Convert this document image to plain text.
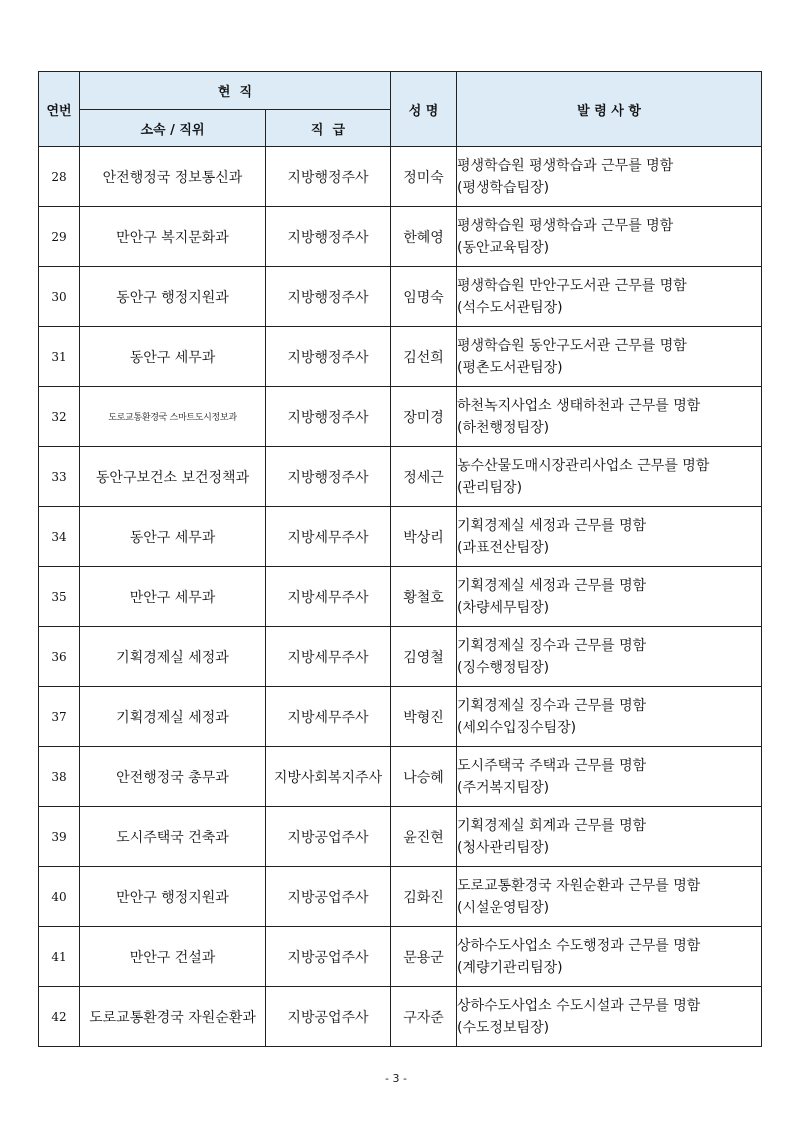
연번	현  직		성 명	발 령 사 항
	소속 / 직위	직  급		
28	안전행정국 정보통신과	지방행정주사	정미숙	평생학습원 평생학습과 근무를 명함
(평생학습팀장)

29	만안구 복지문화과	지방행정주사	한혜영	평생학습원 평생학습과 근무를 명함
(동안교육팀장)

30	동안구 행정지원과	지방행정주사	임명숙	평생학습원 만안구도서관 근무를 명함
(석수도서관팀장)

31	동안구 세무과	지방행정주사	김선희	평생학습원 동안구도서관 근무를 명함
(평촌도서관팀장)

32	도로교통환경국 스마트도시정보과	지방행정주사	장미경	하천녹지사업소 생태하천과 근무를 명함
(하천행정팀장)

33	동안구보건소 보건정책과	지방행정주사	정세근	농수산물도매시장관리사업소 근무를 명함
(관리팀장)

34	동안구 세무과	지방세무주사	박상리	기획경제실 세정과 근무를 명함
(과표전산팀장)

35	만안구 세무과	지방세무주사	황철호	기획경제실 세정과 근무를 명함
(차량세무팀장)

36	기획경제실 세정과	지방세무주사	김영철	기획경제실 징수과 근무를 명함
(징수행정팀장)

37	기획경제실 세정과	지방세무주사	박형진	기획경제실 징수과 근무를 명함
(세외수입징수팀장)

38	안전행정국 총무과	지방사회복지주사	나승혜	도시주택국 주택과 근무를 명함
(주거복지팀장)

39	도시주택국 건축과	지방공업주사	윤진현	기획경제실 회계과 근무를 명함
(청사관리팀장)

40	만안구 행정지원과	지방공업주사	김화진	도로교통환경국 자원순환과 근무를 명함
(시설운영팀장)

41	만안구 건설과	지방공업주사	문용군	상하수도사업소 수도행정과 근무를 명함
(계량기관리팀장)

42	도로교통환경국 자원순환과	지방공업주사	구자준	상하수도사업소 수도시설과 근무를 명함
(수도정보팀장)
- 3 -
